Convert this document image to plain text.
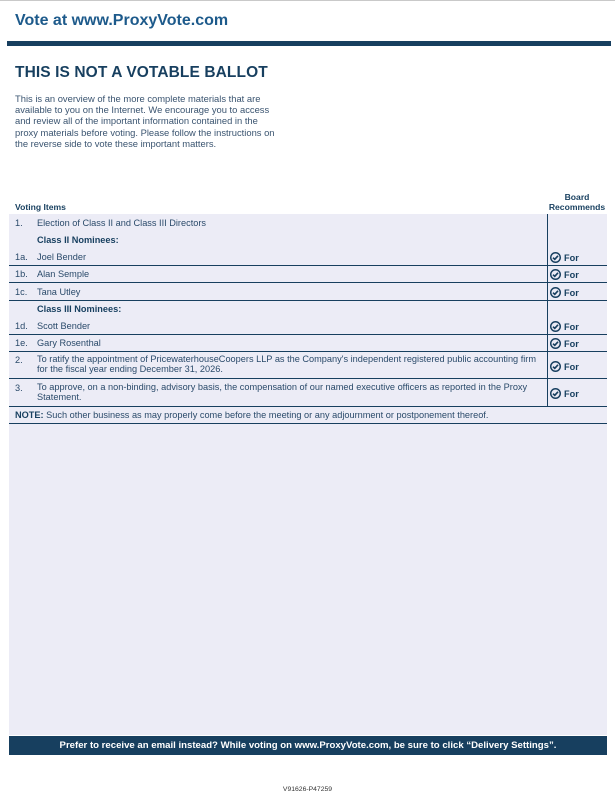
Vote at www.ProxyVote.com
THIS IS NOT A VOTABLE BALLOT
This is an overview of the more complete materials that are
available to you on the Internet. We encourage you to access
and review all of the important information contained in the
proxy materials before voting. Please follow the instructions on
the reverse side to vote these important matters.
Voting Items
Board
Recommends
1. Election of Class II and Class III Directors
Class II Nominees:
1a. Joel Bender	For
1b. Alan Semple	For
1c. Tana Utley	For
Class III Nominees:
1d. Scott Bender	For
1e. Gary Rosenthal	For
2. To ratify the appointment of PricewaterhouseCoopers LLP as the Company's independent registered public accounting firm for the fiscal year ending December 31, 2026.	For
3. To approve, on a non-binding, advisory basis, the compensation of our named executive officers as reported in the Proxy Statement.	For
NOTE: Such other business as may properly come before the meeting or any adjournment or postponement thereof.
Prefer to receive an email instead? While voting on www.ProxyVote.com, be sure to click “Delivery Settings”.
V91626-P47259
